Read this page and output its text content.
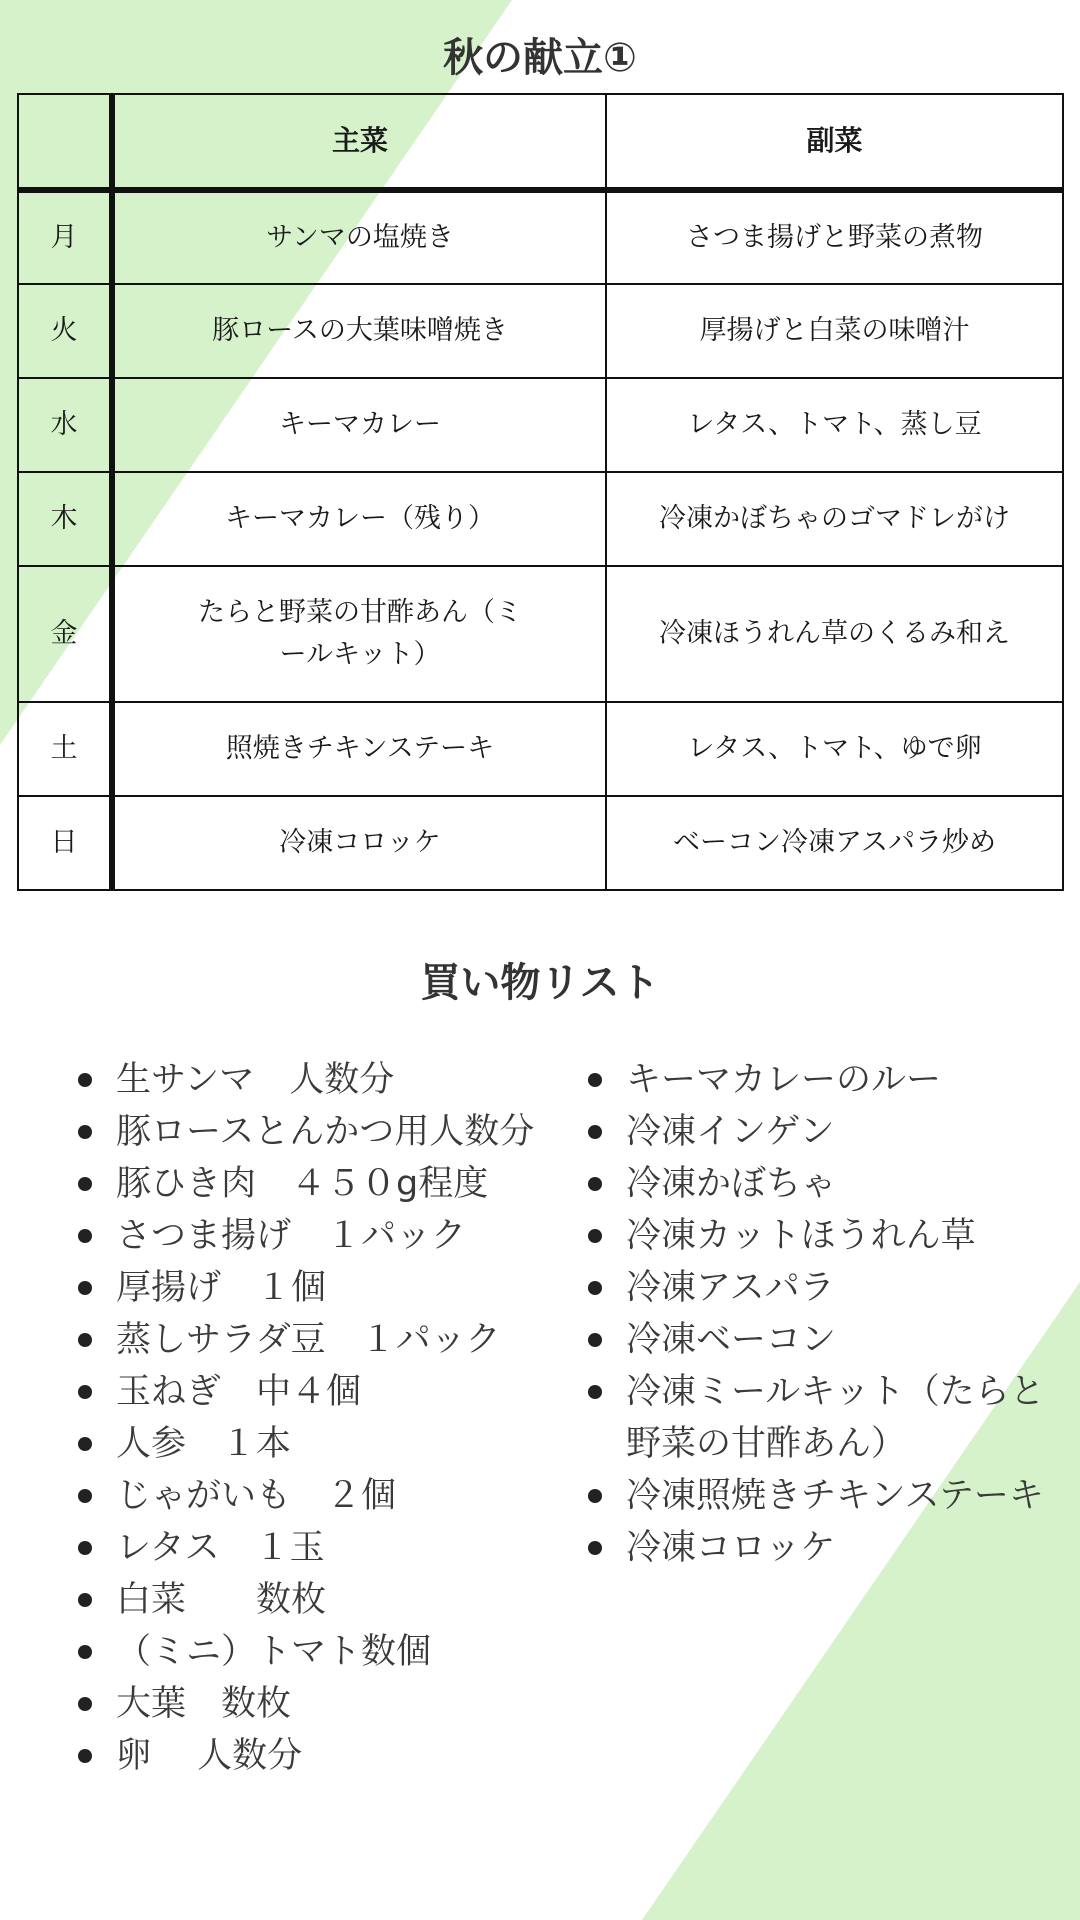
秋の献立①
	主菜	副菜
月	サンマの塩焼き	さつま揚げと野菜の煮物
火	豚ロースの大葉味噌焼き	厚揚げと白菜の味噌汁
水	キーマカレー	レタス、トマト、蒸し豆
木	キーマカレー（残り）	冷凍かぼちゃのゴマドレがけ
金	たらと野菜の甘酢あん（ミールキット）	冷凍ほうれん草のくるみ和え
土	照焼きチキンステーキ	レタス、トマト、ゆで卵
日	冷凍コロッケ	ベーコン冷凍アスパラ炒め
買い物リスト
生サンマ　人数分
豚ロースとんかつ用人数分
豚ひき肉　４５０g程度
さつま揚げ　１パック
厚揚げ　１個
蒸しサラダ豆　１パック
玉ねぎ　中４個
人参　１本
じゃがいも　２個
レタス　１玉
白菜　　数枚
（ミニ）トマト数個
大葉　数枚
卵　 人数分
キーマカレーのルー
冷凍インゲン
冷凍かぼちゃ
冷凍カットほうれん草
冷凍アスパラ
冷凍ベーコン
冷凍ミールキット（たらと野菜の甘酢あん）
冷凍照焼きチキンステーキ
冷凍コロッケ
